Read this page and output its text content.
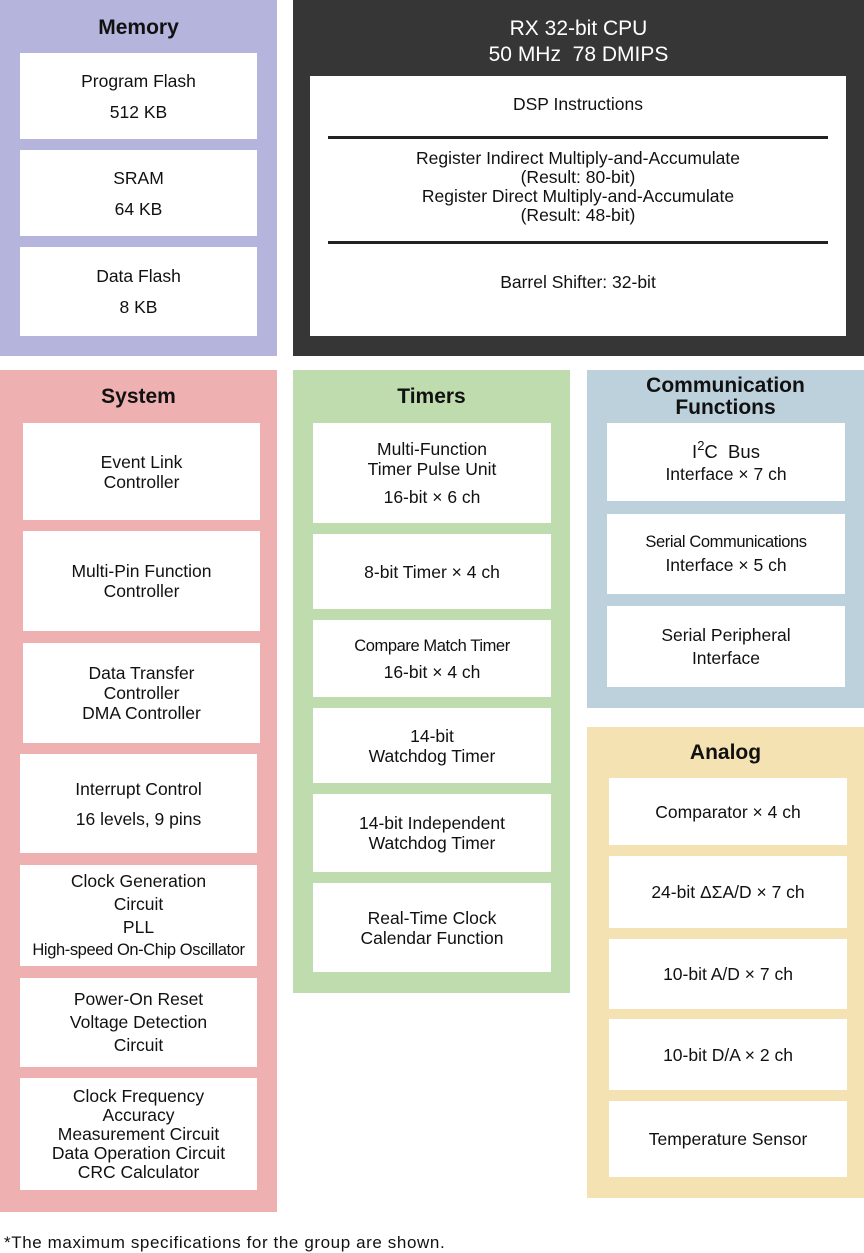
Memory
Program Flash
512 KB
SRAM
64 KB
Data Flash
8 KB
RX 32-bit CPU
50 MHz  78 DMIPS
DSP Instructions
Register Indirect Multiply-and-Accumulate
(Result: 80-bit)
Register Direct Multiply-and-Accumulate
(Result: 48-bit)
Barrel Shifter: 32-bit
System
Event Link
Controller
Multi-Pin Function
Controller
Data Transfer
Controller
DMA Controller
Interrupt Control
16 levels, 9 pins
Clock Generation
Circuit
PLL
High-speed On-Chip Oscillator
Power-On Reset
Voltage Detection
Circuit
Clock Frequency
Accuracy
Measurement Circuit
Data Operation Circuit
CRC Calculator
Timers
Multi-Function
Timer Pulse Unit
16-bit × 6 ch
8-bit Timer × 4 ch
Compare Match Timer
16-bit × 4 ch
14-bit
Watchdog Timer
14-bit Independent
Watchdog Timer
Real-Time Clock
Calendar Function
Communication
Functions
$I^2C$  Bus
Interface × 7 ch
Serial Communications
Interface × 5 ch
Serial Peripheral
Interface
Analog
Comparator × 4 ch
24-bit ΔΣA/D × 7 ch
10-bit A/D × 7 ch
10-bit D/A × 2 ch
Temperature Sensor
*The maximum specifications for the group are shown.
